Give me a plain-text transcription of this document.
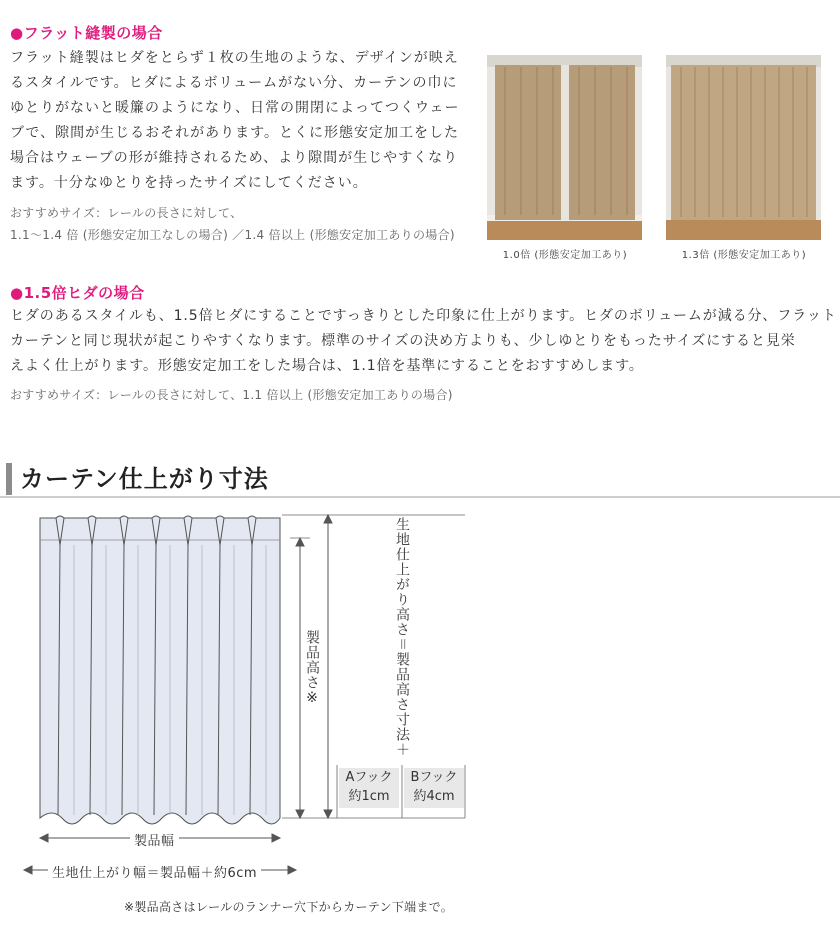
●フラット縫製の場合
フラット縫製はヒダをとらず１枚の生地のような、デザインが映え
るスタイルです。ヒダによるボリュームがない分、カーテンの巾に
ゆとりがないと暖簾のようになり、日常の開閉によってつくウェー
ブで、隙間が生じるおそれがあります。とくに形態安定加工をした
場合はウェーブの形が維持されるため、より隙間が生じやすくなり
ます。十分なゆとりを持ったサイズにしてください。
おすすめサイズ：レールの長さに対して、
1.1～1.4 倍 (形態安定加工なしの場合) ／1.4 倍以上 (形態安定加工ありの場合)
1.0倍 (形態安定加工あり)	1.3倍 (形態安定加工あり)
●1.5倍ヒダの場合
ヒダのあるスタイルも、1.5倍ヒダにすることですっきりとした印象に仕上がります。ヒダのボリュームが減る分、フラット
カーテンと同じ現状が起こりやすくなります。標準のサイズの決め方よりも、少しゆとりをもったサイズにすると見栄
えよく仕上がります。形態安定加工をした場合は、1.1倍を基準にすることをおすすめします。
おすすめサイズ：レールの長さに対して、1.1 倍以上 (形態安定加工ありの場合)
カーテン仕上がり寸法
生地仕上がり高さ＝製品高さ寸法＋
製品高さ※
Aフック
約1cm
Bフック
約4cm
製品幅
生地仕上がり幅＝製品幅＋約6cm
※製品高さはレールのランナー穴下からカーテン下端まで。
